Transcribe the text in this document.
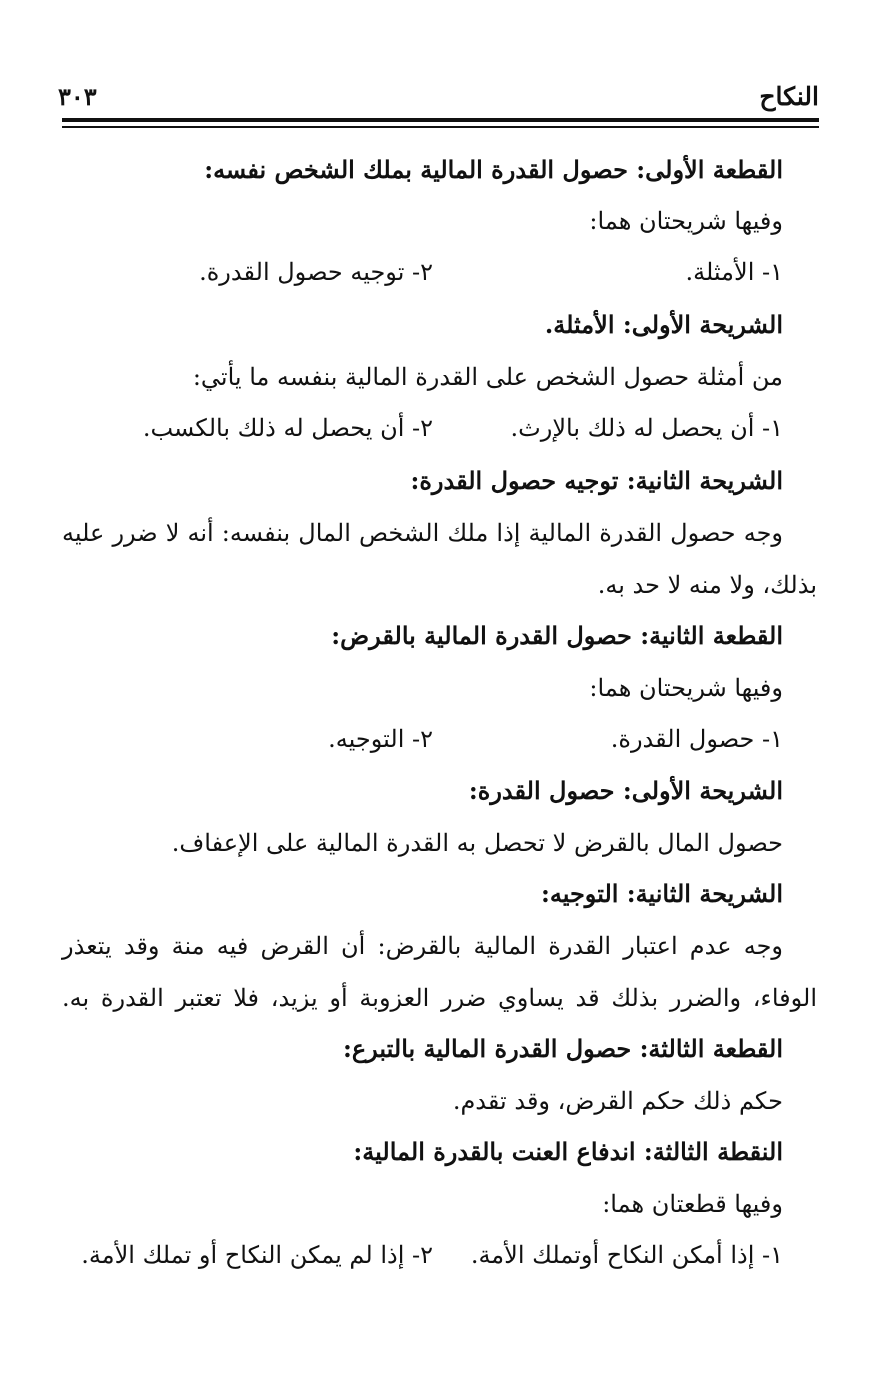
النكاح
٣٠٣
القطعة الأولى: حصول القدرة المالية بملك الشخص نفسه:
وفيها شريحتان هما:
١- الأمثلة.
٢- توجيه حصول القدرة.
الشريحة الأولى: الأمثلة.
من أمثلة حصول الشخص على القدرة المالية بنفسه ما يأتي:
١- أن يحصل له ذلك بالإرث.
٢- أن يحصل له ذلك بالكسب.
الشريحة الثانية: توجيه حصول القدرة:
وجه حصول القدرة المالية إذا ملك الشخص المال بنفسه: أنه لا ضرر عليه
بذلك، ولا منه لا حد به.
القطعة الثانية: حصول القدرة المالية بالقرض:
وفيها شريحتان هما:
١- حصول القدرة.
٢- التوجيه.
الشريحة الأولى: حصول القدرة:
حصول المال بالقرض لا تحصل به القدرة المالية على الإعفاف.
الشريحة الثانية: التوجيه:
وجه عدم اعتبار القدرة المالية بالقرض: أن القرض فيه منة وقد يتعذر
الوفاء، والضرر بذلك قد يساوي ضرر العزوبة أو يزيد، فلا تعتبر القدرة به.
القطعة الثالثة: حصول القدرة المالية بالتبرع:
حكم ذلك حكم القرض، وقد تقدم.
النقطة الثالثة: اندفاع العنت بالقدرة المالية:
وفيها قطعتان هما:
١- إذا أمكن النكاح أوتملك الأمة.
٢- إذا لم يمكن النكاح أو تملك الأمة.
